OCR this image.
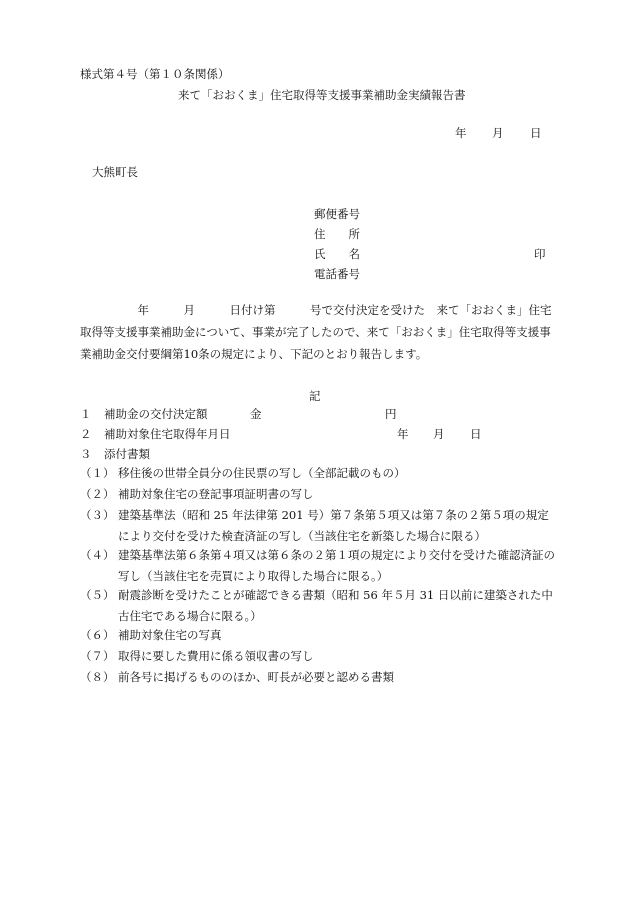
様式第４号（第１０条関係）
来て「おおくま」住宅取得等支援事業補助金実績報告書
年 月 日
大熊町長
郵便番号
住　　所
氏　　名	印
電話番号
　　　　　年　　　	月　　　	日付け第　　　	号で交付決定を受けた　来て「おおくま」住宅取得等支援事業補助金について、事業が完了したので、来て「おおくま」住宅取得等支援事業補助金交付要綱第10条の規定により、下記のとおり報告します。
記
１ 補助金の交付決定額	金	円
２ 補助対象住宅取得年月日	年 月 日
３ 添付書類
（１） 移住後の世帯全員分の住民票の写し（全部記載のもの）
（２） 補助対象住宅の登記事項証明書の写し
（３） 建築基準法（昭和 25 年法律第 201 号）第７条第５項又は第７条の２第５項の規定により交付を受けた検査済証の写し（当該住宅を新築した場合に限る）
（４） 建築基準法第６条第４項又は第６条の２第１項の規定により交付を受けた確認済証の写し（当該住宅を売買により取得した場合に限る。）
（５） 耐震診断を受けたことが確認できる書類（昭和 56 年５月 31 日以前に建築された中古住宅である場合に限る。）
（６） 補助対象住宅の写真
（７） 取得に要した費用に係る領収書の写し
（８） 前各号に掲げるもののほか、町長が必要と認める書類
